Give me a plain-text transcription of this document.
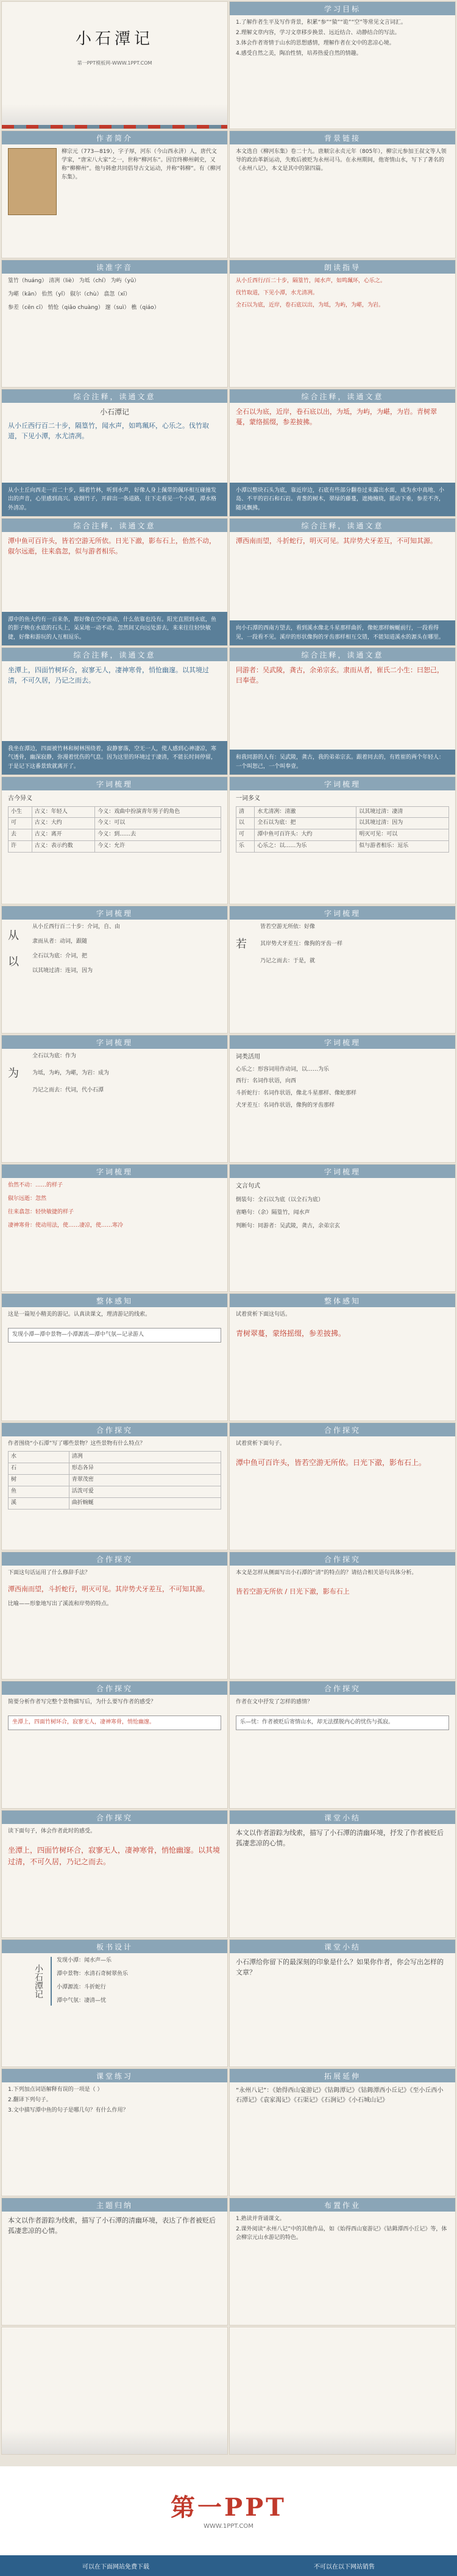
小石潭记
第一PPT模板网-WWW.1PPT.COM
学习目标
1.了解作者生平及写作背景，积累“参”“猿”“诡”“空”等常见文言词汇。
2.理解文章内容，学习文章移步换景、远近结合、动静结合的写法。
3.体会作者寄情于山水的思想感情，理解作者在文中的悲凉心境。
4.感受自然之美，陶冶性情，培养热爱自然的情趣。
作者简介
柳宗元（773—819），字子厚，河东（今山西永济）人，唐代文学家，“唐宋八大家”之一，世称“柳河东”。因官终柳州刺史，又称“柳柳州”。他与韩愈共同倡导古文运动，并称“韩柳”。有《柳河东集》。
背景链接
本文选自《柳河东集》卷二十九。唐顺宗永贞元年（805年），柳宗元参加王叔文等人领导的政治革新运动，失败后被贬为永州司马。在永州期间，他寄情山水，写下了著名的《永州八记》，本文是其中的第四篇。
读准字音
篁竹（huáng） 清冽（liè） 为坻（chí） 为屿（yǔ）
为嵁（kān） 佁然（yǐ） 俶尔（chù） 翕忽（xī）
参差（cēn cī） 悄怆（qiǎo chuàng） 邃（suì） 樵（qiáo）
朗读指导
从小丘西行/百二十步，隔篁竹，闻水声，如鸣珮环，心乐之。
伐竹取道，下见小潭，水尤清冽。
全石以为底，近岸，卷石底以出，为坻，为屿，为嵁，为岩。
综合注释，读通文意
小石潭记
从小丘西行百二十步，隔篁竹，闻水声，如鸣珮环，心乐之。伐竹取道，下见小潭，水尤清冽。
从小土丘向西走一百二十步，隔着竹林，听到水声，好像人身上佩带的佩环相互碰撞发出的声音，心里感到高兴。砍倒竹子，开辟出一条道路，往下走看见一个小潭，潭水格外清凉。
综合注释，读通文意
全石以为底，近岸，卷石底以出，为坻，为屿，为嵁，为岩。青树翠蔓，蒙络摇缀，参差披拂。
小潭以整块石头为底，靠近岸边，石底有些部分翻卷过来露出水面，成为水中高地、小岛、不平的岩石和石岩。青葱的树木，翠绿的藤蔓，遮掩缠绕，摇动下垂，参差不齐，随风飘拂。
综合注释，读通文意
潭中鱼可百许头，皆若空游无所依。日光下澈，影布石上，佁然不动，俶尔远逝，往来翕忽，似与游者相乐。
潭中的鱼大约有一百来条，都好像在空中游动，什么依靠也没有。阳光直照到水底，鱼的影子映在水底的石头上，呆呆地一动不动，忽然间又向远处游去，来来往往轻快敏捷，好像和游玩的人互相逗乐。
综合注释，读通文意
潭西南而望，斗折蛇行，明灭可见。其岸势犬牙差互，不可知其源。
向小石潭的西南方望去，看到溪水像北斗星那样曲折，像蛇那样蜿蜒前行，一段看得见，一段看不见。溪岸的形状像狗的牙齿那样相互交错，不能知道溪水的源头在哪里。
综合注释，读通文意
坐潭上，四面竹树环合，寂寥无人，凄神寒骨，悄怆幽邃。以其境过清，不可久居，乃记之而去。
我坐在潭边，四面被竹林和树林围绕着，寂静寥落，空无一人，使人感到心神凄凉，寒气透骨，幽深寂静，弥漫着忧伤的气息。因为这里的环境过于凄清，不能长时间停留，于是记下这番景致就离开了。
综合注释，读通文意
同游者：吴武陵，龚古，余弟宗玄。隶而从者，崔氏二小生：曰恕己，曰奉壹。
和我同游的人有：吴武陵，龚古，我的弟弟宗玄。跟着同去的，有姓崔的两个年轻人：一个叫恕己，一个叫奉壹。
字词梳理
古今异义
小生	古义：年轻人	今义：戏曲中扮演青年男子的角色
可	古义：大约	今义：可以
去	古义：离开	今义：到……去
许	古义：表示约数	今义：允许
字词梳理
一词多义
清	水尤清冽：清澈	以其境过清：凄清
以	全石以为底：把	以其境过清：因为
可	潭中鱼可百许头：大约	明灭可见：可以
乐	心乐之：以……为乐	似与游者相乐：逗乐
字词梳理
从
以
从小丘西行百二十步：介词，自、由
隶而从者：动词，跟随
全石以为底：介词，把
以其境过清：连词，因为
字词梳理
若
皆若空游无所依：好像
其岸势犬牙差互：像狗的牙齿一样
乃记之而去：于是，就
字词梳理
为
全石以为底：作为
为坻，为屿，为嵁，为岩：成为
乃记之而去：代词，代小石潭
字词梳理
词类活用
心乐之：形容词用作动词，以……为乐
西行：名词作状语，向西
斗折蛇行：名词作状语，像北斗星那样、像蛇那样
犬牙差互：名词作状语，像狗的牙齿那样
字词梳理
佁然不动：……的样子
俶尔远逝：忽然
往来翕忽：轻快敏捷的样子
凄神寒骨：使动用法，使……凄凉，使……寒冷
字词梳理
文言句式
倒装句：全石以为底（以全石为底）
省略句：（余）隔篁竹，闻水声
判断句：同游者：吴武陵，龚古，余弟宗玄
整体感知
这是一篇短小精美的游记。认真读课文，理清游记的线索。
发现小潭—潭中景物—小潭源流—潭中气氛—记录游人
整体感知
试着赏析下面这句话。
青树翠蔓，蒙络摇缀，参差披拂。
合作探究
作者围绕“小石潭”写了哪些景物？这些景物有什么特点？
水	清冽
石	形态各异
树	青翠茂密
鱼	活泼可爱
溪	曲折蜿蜒
合作探究
试着赏析下面句子。
潭中鱼可百许头，皆若空游无所依。日光下澈，影布石上。
合作探究
下面这句话运用了什么修辞手法？
潭西南而望，斗折蛇行，明灭可见。其岸势犬牙差互，不可知其源。
比喻——形象地写出了溪流和岸势的特点。
合作探究
本文是怎样从侧面写出小石潭的“清”的特点的？请结合相关语句具体分析。
皆若空游无所依 / 日光下澈，影布石上
合作探究
简要分析作者写完整个景物描写后，为什么要写作者的感受？
坐潭上，四面竹树环合，寂寥无人，凄神寒骨，悄怆幽邃。
合作探究
作者在文中抒发了怎样的感情？
乐—忧：作者被贬后寄情山水，却无法摆脱内心的忧伤与孤寂。
合作探究
读下面句子，体会作者此时的感受。
坐潭上，四面竹树环合，寂寥无人，凄神寒骨，悄怆幽邃。以其境过清，不可久居，乃记之而去。
课堂小结
本文以作者游踪为线索，描写了小石潭的清幽环境，抒发了作者被贬后孤凄悲凉的心情。
板书设计
小石潭记
发现小潭：闻水声—乐
潭中景物：水清石奇树翠鱼乐
小潭源流：斗折蛇行
潭中气氛：凄清—忧
课堂小结
小石潭给你留下的最深刻的印象是什么？如果你作者，你会写出怎样的文章？
课堂练习
1.下列加点词语解释有误的一项是（ ）
2.翻译下列句子。
3.文中描写潭中鱼的句子是哪几句？有什么作用？
拓展延伸
“永州八记”：《始得西山宴游记》《钴鉧潭记》《钴鉧潭西小丘记》《至小丘西小石潭记》《袁家渴记》《石渠记》《石涧记》《小石城山记》
主题归纳
本文以作者游踪为线索，描写了小石潭的清幽环境，表达了作者被贬后孤凄悲凉的心情。
布置作业
1.熟读并背诵课文。
2.课外阅读“永州八记”中的其他作品，如《始得西山宴游记》《钴鉧潭西小丘记》等，体会柳宗元山水游记的特色。
第一PPT
WWW.1PPT.COM
可以在下面网站免费下载	不可以在以下网站销售
